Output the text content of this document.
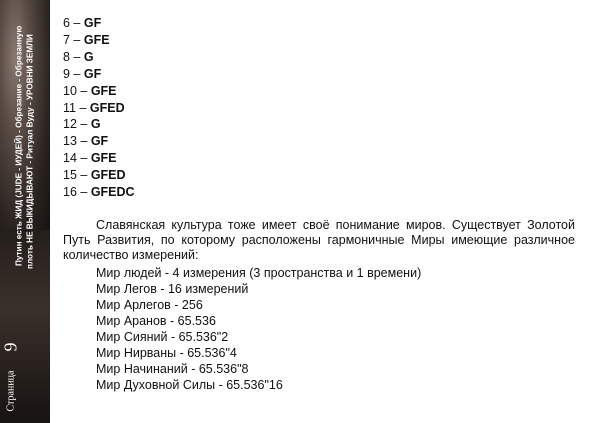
Путин есть ЖИД (JUDE - ИУДЕЙ) - Обрезание - Обрезанную плоть НЕ ВЫКИДЫВАЮТ - Ритуал Вуду - УРОВНИ ЗЕМЛИ
Страница
9
6 – GF
7 – GFE
8 – G
9 – GF
10 – GFE
11 – GFED
12 – G
13 – GF
14 – GFE
15 – GFED
16 – GFEDC
Славянская культура тоже имеет своё понимание миров. Существует Золотой Путь Развития, по которому расположены гармоничные Миры имеющие различное количество измерений:
Мир людей - 4 измерения (3 пространства и 1 времени)
Мир Легов - 16 измерений
Мир Арлегов - 256
Мир Аранов - 65.536
Мир Сияний - 65.536"2
Мир Нирваны - 65.536"4
Мир Начинаний - 65.536"8
Мир Духовной Силы - 65.536"16
